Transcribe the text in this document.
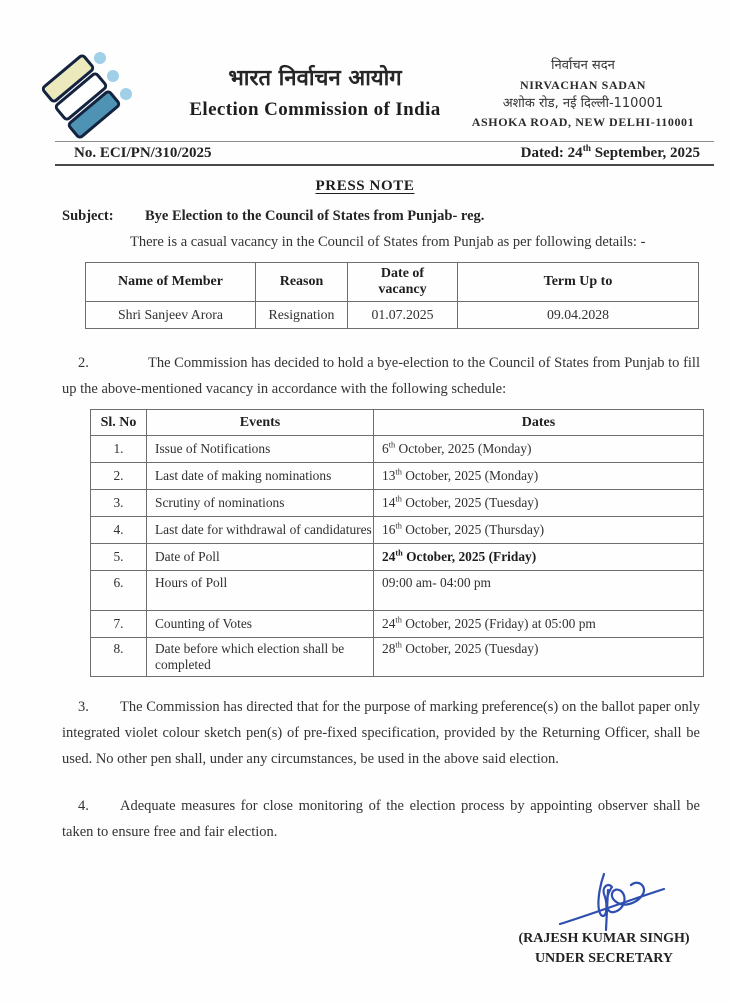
भारत निर्वाचन आयोग
Election Commission of India
निर्वाचन सदन
NIRVACHAN SADAN
अशोक रोड, नई दिल्ली-110001
ASHOKA ROAD, NEW DELHI-110001
No. ECI/PN/310/2025	Dated: 24th September, 2025
PRESS NOTE
Subject: Bye Election to the Council of States from Punjab- reg.

There is a casual vacancy in the Council of States from Punjab as per following details: -

Name of Member	Reason	Date of vacancy	Term Up to
Shri Sanjeev Arora	Resignation	01.07.2025	09.04.2028

2.	The Commission has decided to hold a bye-election to the Council of States from Punjab to fill up the above-mentioned vacancy in accordance with the following schedule:

Sl. No	Events	Dates
1.	Issue of Notifications	6th October, 2025 (Monday)
2.	Last date of making nominations	13th October, 2025 (Monday)
3.	Scrutiny of nominations	14th October, 2025 (Tuesday)
4.	Last date for withdrawal of candidatures	16th October, 2025 (Thursday)
5.	Date of Poll	24th October, 2025 (Friday)
6.	Hours of Poll	09:00 am- 04:00 pm
7.	Counting of Votes	24th October, 2025 (Friday) at 05:00 pm
8.	Date before which election shall be completed	28th October, 2025 (Tuesday)

3. The Commission has directed that for the purpose of marking preference(s) on the ballot paper only integrated violet colour sketch pen(s) of pre-fixed specification, provided by the Returning Officer, shall be used. No other pen shall, under any circumstances, be used in the above said election.

4. Adequate measures for close monitoring of the election process by appointing observer shall be taken to ensure free and fair election.

(RAJESH KUMAR SINGH)
UNDER SECRETARY
